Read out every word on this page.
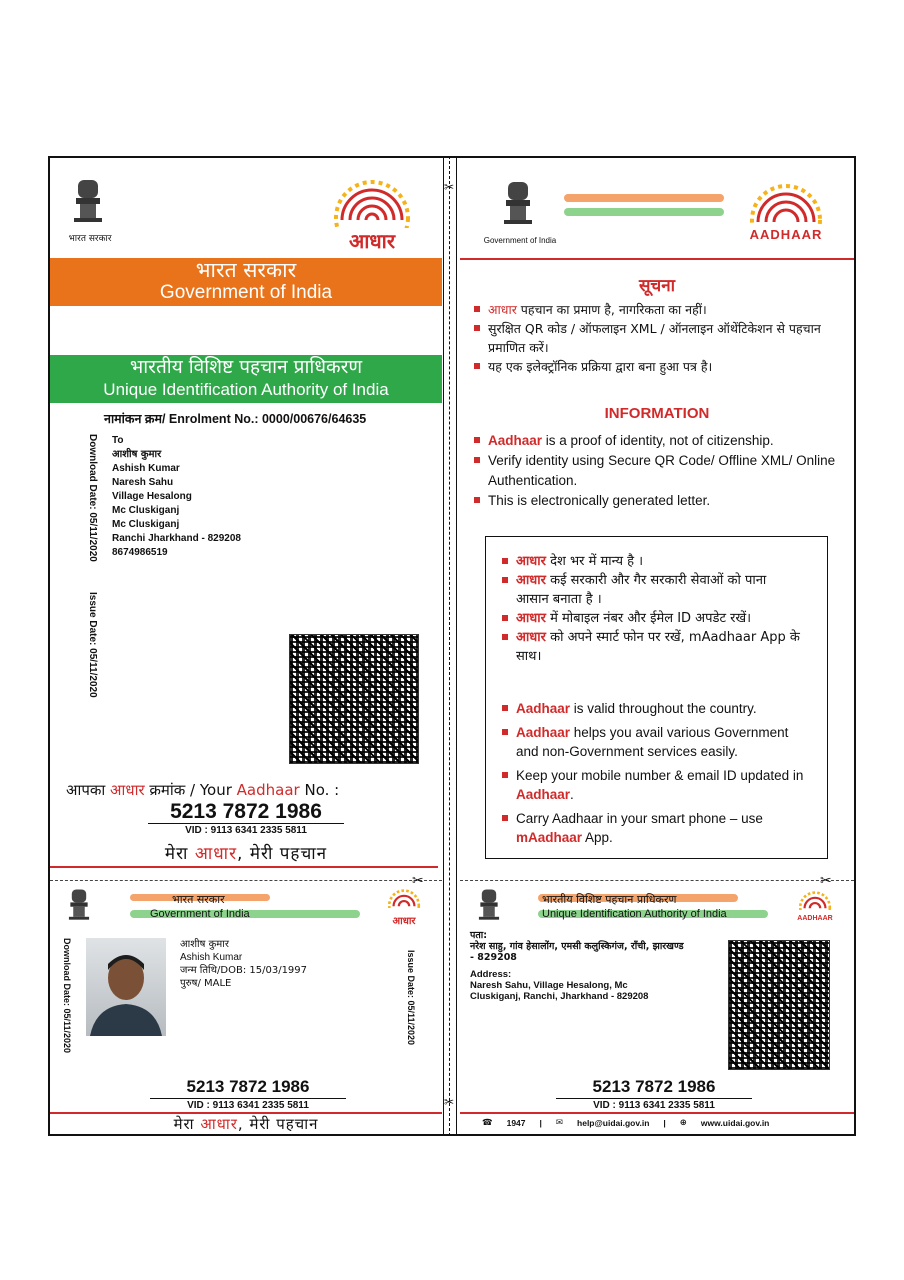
✂
✂
भारत सरकार	आधार
भारत सरकार
Government of India
भारतीय विशिष्ट पहचान प्राधिकरण
Unique Identification Authority of India
नामांकन क्रम/ Enrolment No.: 0000/00676/64635
Download Date: 05/11/2020
Issue Date: 05/11/2020
To
आशीष कुमार
Ashish Kumar
Naresh Sahu
Village Hesalong
Mc Cluskiganj
Mc Cluskiganj
Ranchi Jharkhand - 829208
8674986519
आपका आधार क्रमांक / Your Aadhaar No. :
5213 7872 1986
VID : 9113 6341 2335 5811
मेरा आधार, मेरी पहचान
Government of India	AADHAAR
सूचना
आधार पहचान का प्रमाण है, नागरिकता का नहीं।
सुरक्षित QR कोड / ऑफलाइन XML / ऑनलाइन ऑथेंटिकेशन से पहचान प्रमाणित करें।
यह एक इलेक्ट्रॉनिक प्रक्रिया द्वारा बना हुआ पत्र है।
INFORMATION
Aadhaar is a proof of identity, not of citizenship.
Verify identity using Secure QR Code/ Offline XML/ Online Authentication.
This is electronically generated letter.
आधार देश भर में मान्य है ।
आधार कई सरकारी और गैर सरकारी सेवाओं को पाना आसान बनाता है ।
आधार में मोबाइल नंबर और ईमेल ID अपडेट रखें।
आधार को अपने स्मार्ट फोन पर रखें, mAadhaar App के साथ।
Aadhaar is valid throughout the country.
Aadhaar helps you avail various Government and non-Government services easily.
Keep your mobile number & email ID updated in Aadhaar.
Carry Aadhaar in your smart phone – use mAadhaar App.
✂	✂
भारत सरकार
Government of India
आधार
Download Date: 05/11/2020	Issue Date: 05/11/2020
आशीष कुमार
Ashish Kumar
जन्म तिथि/DOB: 15/03/1997
पुरुष/ MALE
5213 7872 1986
VID : 9113 6341 2335 5811
मेरा आधार, मेरी पहचान
भारतीय विशिष्ट पहचान प्राधिकरण
Unique Identification Authority of India	AADHAAR
पता:
नरेश साहु, गांव हेसालोंग, एमसी कलुस्किगंज, रॉंची, झारखण्ड - 829208
Address:
Naresh Sahu, Village Hesalong, Mc Cluskiganj, Ranchi, Jharkhand - 829208
5213 7872 1986
VID : 9113 6341 2335 5811
☎ 1947 | ✉ help@uidai.gov.in | ⊕ www.uidai.gov.in
